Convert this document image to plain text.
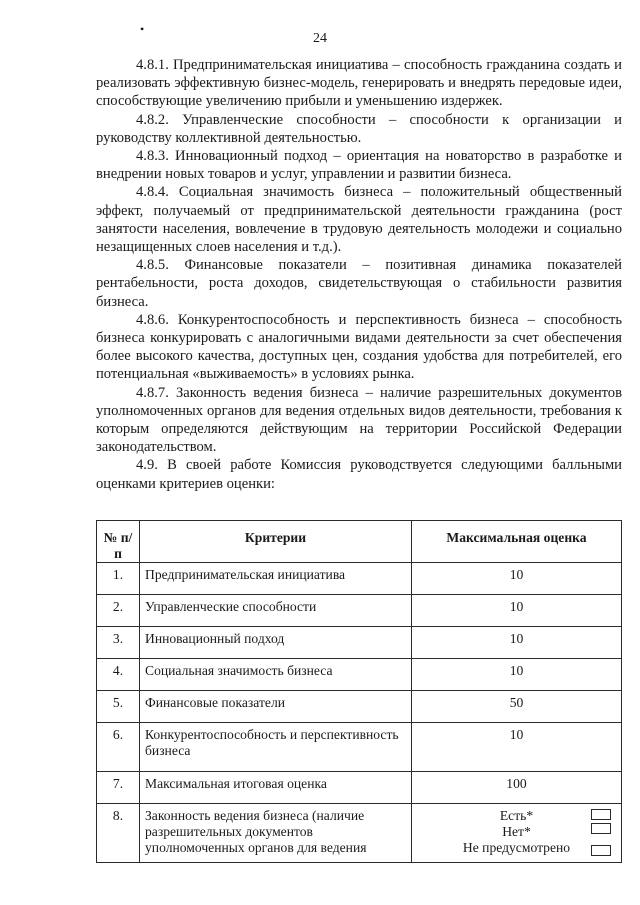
•
24

4.8.1. Предпринимательская инициатива – способность гражданина создать и реализовать эффективную бизнес-модель, генерировать и внедрять передовые идеи, способствующие увеличению прибыли и уменьшению издержек.

4.8.2. Управленческие способности – способности к организации и руководству коллективной деятельностью.

4.8.3. Инновационный подход – ориентация на новаторство в разработке и внедрении новых товаров и услуг, управлении и развитии бизнеса.

4.8.4. Социальная значимость бизнеса – положительный общественный эффект, получаемый от предпринимательской деятельности гражданина (рост занятости населения, вовлечение в трудовую деятельность молодежи и социально незащищенных слоев населения и т.д.).

4.8.5. Финансовые показатели – позитивная динамика показателей рентабельности, роста доходов, свидетельствующая о стабильности развития бизнеса.

4.8.6. Конкурентоспособность и перспективность бизнеса – способность бизнеса конкурировать с аналогичными видами деятельности за счет обеспечения более высокого качества, доступных цен, создания удобства для потребителей, его потенциальная «выживаемость» в условиях рынка.

4.8.7. Законность ведения бизнеса – наличие разрешительных документов уполномоченных органов для ведения отдельных видов деятельности, требования к которым определяются действующим на территории Российской Федерации законодательством.

4.9. В своей работе Комиссия руководствуется следующими балльными оценками критериев оценки:

№ п/п	Критерии	Максимальная оценка
1.	Предпринимательская инициатива	10
2.	Управленческие способности	10
3.	Инновационный подход	10
4.	Социальная значимость бизнеса	10
5.	Финансовые показатели	50
6.	Конкурентоспособность и перспективность бизнеса	10
7.	Максимальная итоговая оценка	100
8.	Законность ведения бизнеса (наличие разрешительных документов уполномоченных органов для ведения	Есть*
Нет*
Не предусмотрено
